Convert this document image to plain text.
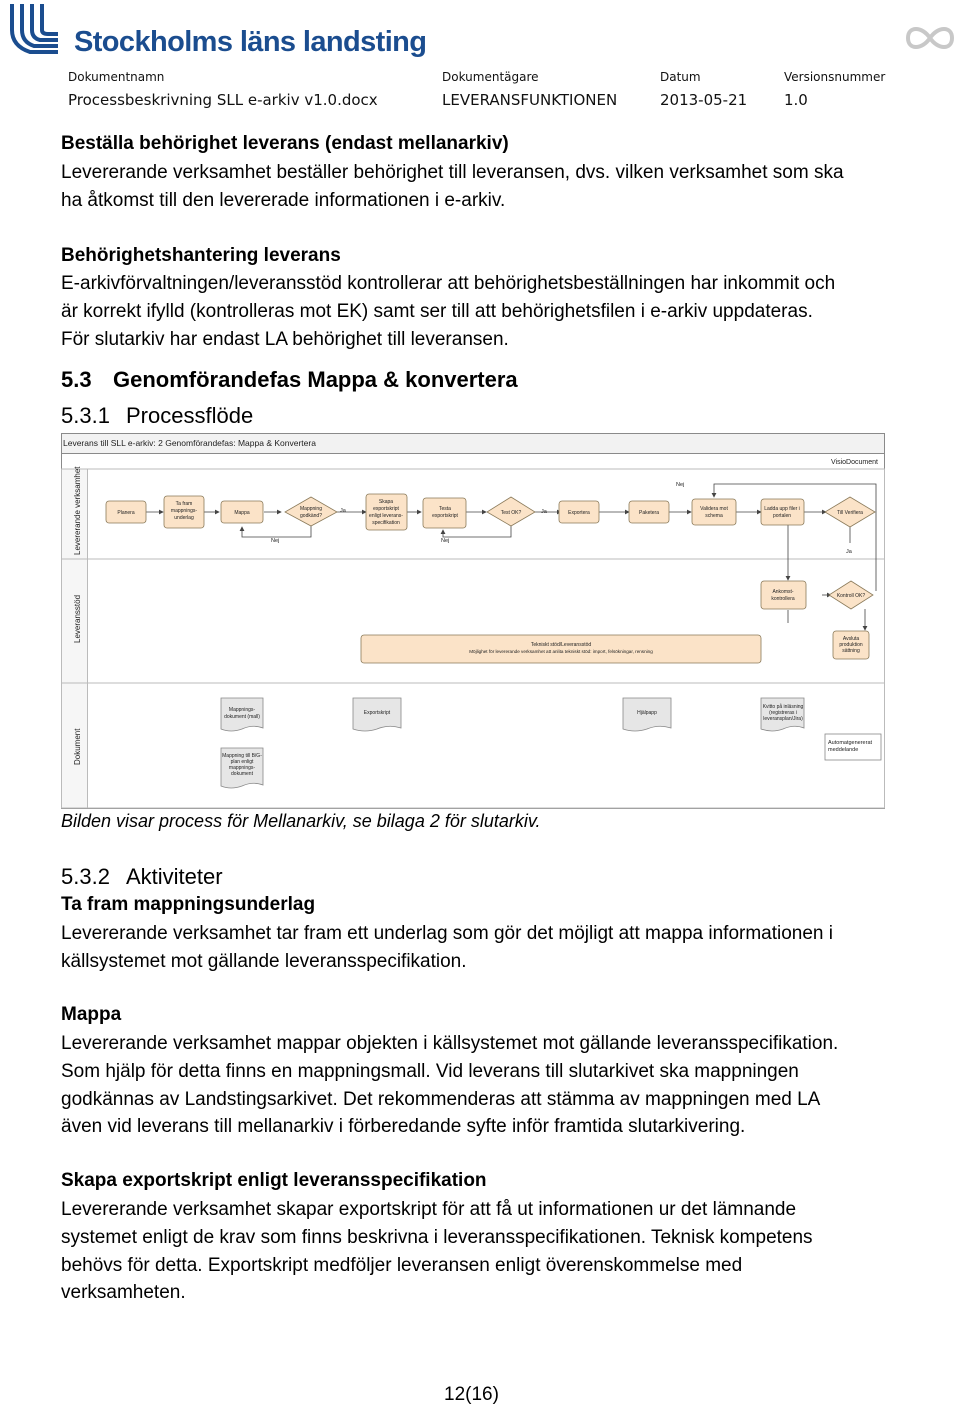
Stockholms läns landsting
Dokumentnamn	Dokumentägare	Datum	Versionsnummer
Processbeskrivning SLL e-arkiv v1.0.docx	LEVERANSFUNKTIONEN	2013-05-21 1.0
Beställa behörighet leverans (endast mellanarkiv)
Levererande verksamhet beställer behörighet till leveransen, dvs. vilken verksamhet som ska
ha åtkomst till den levererade informationen i e-arkiv.
Behörighetshantering leverans
E-arkivförvaltningen/leveransstöd kontrollerar att behörighetsbeställningen har inkommit och
är korrekt ifylld (kontrolleras mot EK) samt ser till att behörighetsfilen i e-arkiv uppdateras.
För slutarkiv har endast LA behörighet till leveransen.
5.3 Genomförandefas Mappa & konvertera
5.3.1 Processflöde
Leverans till SLL e-arkiv: 2 Genomförandefas: Mappa & Konvertera
VisioDocument
Levererande verksamhet
Leveransstöd
Dokument
Ja	Ja
Ja
Nej	Nej
Nej
Planera
Ta fram
mappnings-
underlag
Mappa
Mappning
godkänd?
Skapa
exportskript
enligt leverans-
specifikation
Testa
exportskript	Test OK?	Exportera	Paketera
Validera mot
schema
Ladda upp filer i
portalen	Till Verifiera
Ankomst-
kontrollera	Kontroll OK?
Tekniskt stöd/Leveransstöd
Möjlighet för levererande verksamhet att anlita tekniskt stöd: import, felsökningar, rensning
Avsluta
produktion
sättning
Mappnings-
dokument (mall)
Exportskript	Hjälpapp
Kvitto på inläsning
(registreras i
leveransplan/Jira)
Mappning till B/G-
plan enligt
mappnings-
dokument
Automatgenererat
meddelande
Bilden visar process för Mellanarkiv, se bilaga 2 för slutarkiv.
5.3.2 Aktiviteter
Ta fram mappningsunderlag
Levererande verksamhet tar fram ett underlag som gör det möjligt att mappa informationen i
källsystemet mot gällande leveransspecifikation.
Mappa
Levererande verksamhet mappar objekten i källsystemet mot gällande leveransspecifikation.
Som hjälp för detta finns en mappningsmall. Vid leverans till slutarkivet ska mappningen
godkännas av Landstingsarkivet. Det rekommenderas att stämma av mappningen med LA
även vid leverans till mellanarkiv i förberedande syfte inför framtida slutarkivering.
Skapa exportskript enligt leveransspecifikation
Levererande verksamhet skapar exportskript för att få ut informationen ur det lämnande
systemet enligt de krav som finns beskrivna i leveransspecifikationen. Teknisk kompetens
behövs för detta. Exportskript medföljer leveransen enligt överenskommelse med
verksamheten.
12(16)
